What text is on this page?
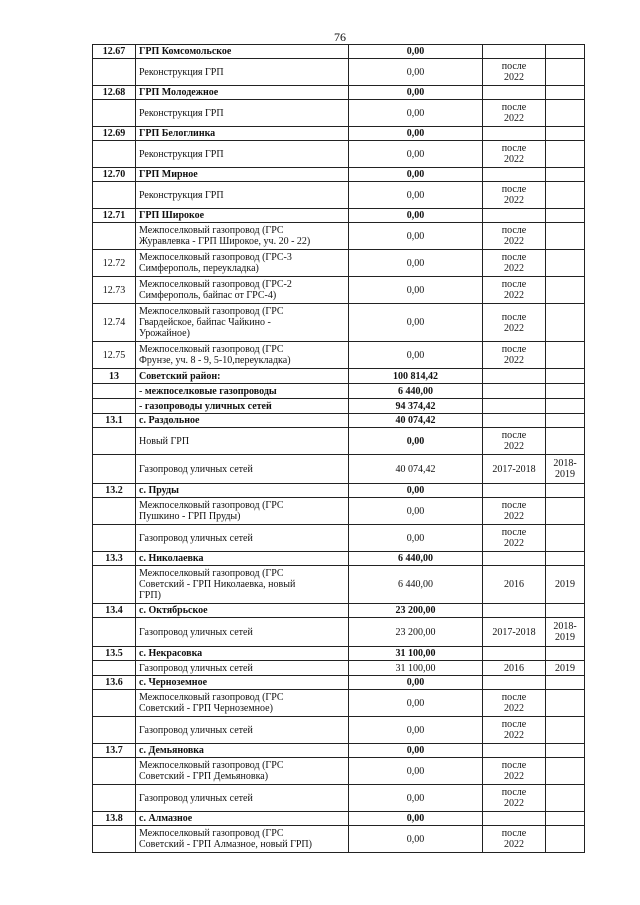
76
12.67	ГРП Комсомольское	0,00		
	Реконструкция ГРП	0,00	после
2022	
12.68	ГРП Молодежное	0,00		
	Реконструкция ГРП	0,00	после
2022	
12.69	ГРП Белоглинка	0,00		
	Реконструкция ГРП	0,00	после
2022	
12.70	ГРП Мирное	0,00		
	Реконструкция ГРП	0,00	после
2022	
12.71	ГРП Широкое	0,00		
	Межпоселковый газопровод (ГРС
Журавлевка - ГРП Широкое, уч. 20 - 22)	0,00	после
2022	
12.72	Межпоселковый газопровод (ГРС-3
Симферополь, переукладка)	0,00	после
2022	
12.73	Межпоселковый газопровод (ГРС-2
Симферополь, байпас от ГРС-4)	0,00	после
2022	
12.74	Межпоселковый газопровод (ГРС
Гвардейское, байпас Чайкино -
Урожайное)	0,00	после
2022	
12.75	Межпоселковый газопровод (ГРС
Фрунзе, уч. 8 - 9, 5-10,переукладка)	0,00	после
2022	
13	Советский район:	100 814,42		
	- межпоселковые газопроводы	6 440,00		
	- газопроводы уличных сетей	94 374,42		
13.1	с. Раздольное	40 074,42		
	Новый ГРП	0,00	после
2022	
	Газопровод уличных сетей	40 074,42	2017-2018	2018-
2019
13.2	с. Пруды	0,00		
	Межпоселковый газопровод (ГРС
Пушкино - ГРП Пруды)	0,00	после
2022	
	Газопровод уличных сетей	0,00	после
2022	
13.3	с. Николаевка	6 440,00		
	Межпоселковый газопровод (ГРС
Советский - ГРП Николаевка, новый
ГРП)	6 440,00	2016	2019
13.4	с. Октябрьское	23 200,00		
	Газопровод уличных сетей	23 200,00	2017-2018	2018-
2019
13.5	с. Некрасовка	31 100,00		
	Газопровод уличных сетей	31 100,00	2016	2019
13.6	с. Черноземное	0,00		
	Межпоселковый газопровод (ГРС
Советский - ГРП Черноземное)	0,00	после
2022	
	Газопровод уличных сетей	0,00	после
2022	
13.7	с. Демьяновка	0,00		
	Межпоселковый газопровод (ГРС
Советский - ГРП Демьяновка)	0,00	после
2022	
	Газопровод уличных сетей	0,00	после
2022	
13.8	с. Алмазное	0,00		
	Межпоселковый газопровод (ГРС
Советский - ГРП Алмазное, новый ГРП)	0,00	после
2022	
